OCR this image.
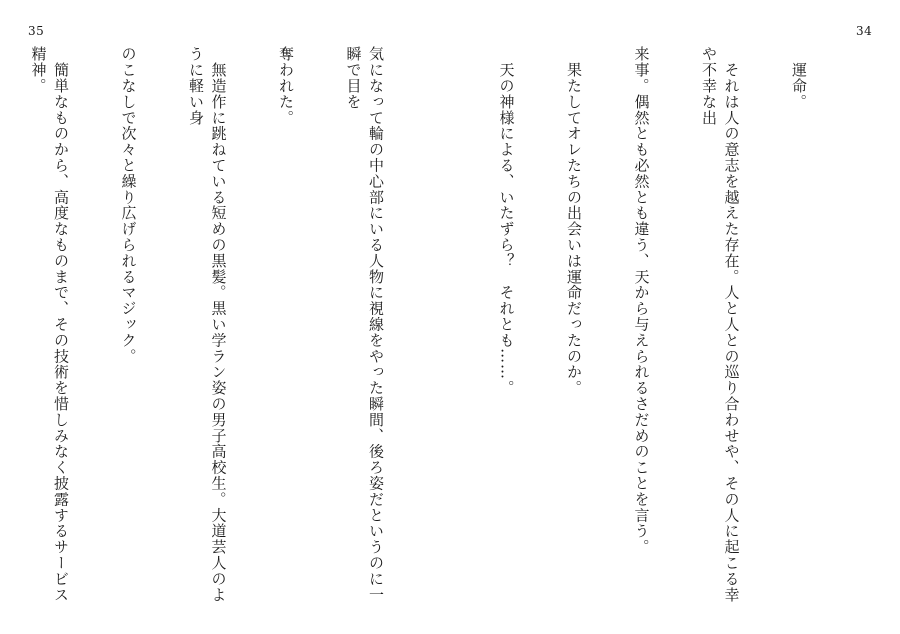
35	34

　運命。

　それは人の意志を越えた存在。人と人との巡り合わせや、その人に起こる幸や不幸な出

来事。偶然とも必然とも違う、天から与えられるさだめのことを言う。

　果たしてオレたちの出会いは運命だったのか。

　天の神様による、いたずら？　それとも……。

気になって輪の中心部にいる人物に視線をやった瞬間、後ろ姿だというのに一瞬で目を

奪われた。

　無造作に跳ねている短めの黒髪。黒い学ラン姿の男子高校生。大道芸人のように軽い身

のこなしで次々と繰り広げられるマジック。

　簡単なものから、高度なものまで、その技術を惜しみなく披露するサービス精神。
